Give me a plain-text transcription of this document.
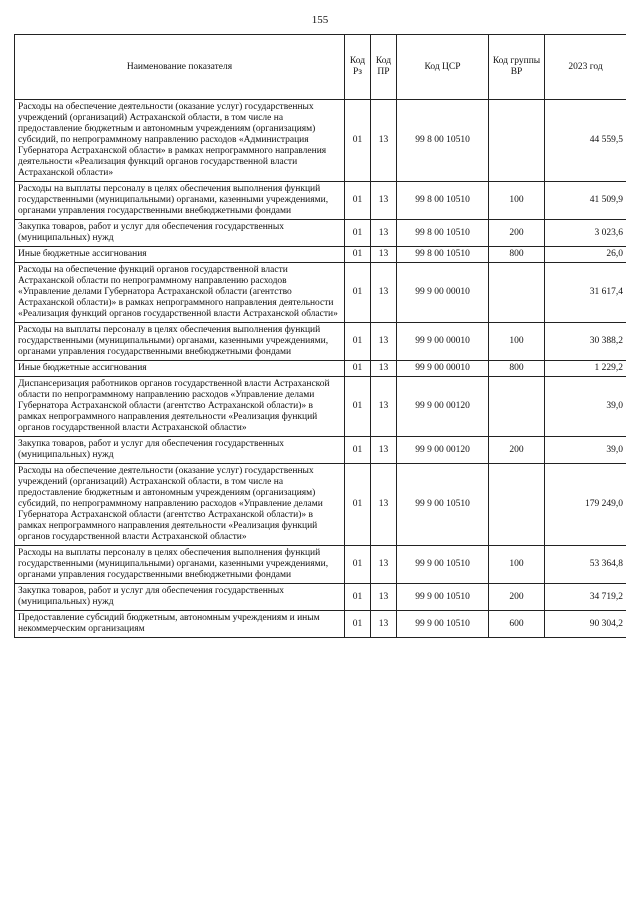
155
Наименование показателя	Код Рз	Код ПР	Код ЦСР	Код группы ВР	2023 год
Расходы на обеспечение деятельности (оказание услуг) государственных учреждений (организаций) Астраханской области, в том числе на предоставление бюджетным и автономным учреждениям (организациям) субсидий, по непрограммному направлению расходов «Администрация Губернатора Астраханской области» в рамках непрограммного направления деятельности «Реализация функций органов государственной власти Астраханской области»	01	13	99 8 00 10510		44 559,5
Расходы на выплаты персоналу в целях обеспечения выполнения функций государственными (муниципальными) органами, казенными учреждениями, органами управления государственными внебюджетными фондами	01	13	99 8 00 10510	100	41 509,9
Закупка товаров, работ и услуг для обеспечения государственных (муниципальных) нужд	01	13	99 8 00 10510	200	3 023,6
Иные бюджетные ассигнования	01	13	99 8 00 10510	800	26,0
Расходы на обеспечение функций органов государственной власти Астраханской области по непрограммному направлению расходов «Управление делами Губернатора Астраханской области (агентство Астраханской области)» в рамках непрограммного направления деятельности «Реализация функций органов государственной власти Астраханской области»	01	13	99 9 00 00010		31 617,4
Расходы на выплаты персоналу в целях обеспечения выполнения функций государственными (муниципальными) органами, казенными учреждениями, органами управления государственными внебюджетными фондами	01	13	99 9 00 00010	100	30 388,2
Иные бюджетные ассигнования	01	13	99 9 00 00010	800	1 229,2
Диспансеризация работников органов государственной власти Астраханской области по непрограммному направлению расходов «Управление делами Губернатора Астраханской области (агентство Астраханской области)» в рамках непрограммного направления деятельности «Реализация функций органов государственной власти Астраханской области»	01	13	99 9 00 00120		39,0
Закупка товаров, работ и услуг для обеспечения государственных (муниципальных) нужд	01	13	99 9 00 00120	200	39,0
Расходы на обеспечение деятельности (оказание услуг) государственных учреждений (организаций) Астраханской области, в том числе на предоставление бюджетным и автономным учреждениям (организациям) субсидий, по непрограммному направлению расходов «Управление делами Губернатора Астраханской области (агентство Астраханской области)» в рамках непрограммного направления деятельности «Реализация функций органов государственной власти Астраханской области»	01	13	99 9 00 10510		179 249,0
Расходы на выплаты персоналу в целях обеспечения выполнения функций государственными (муниципальными) органами, казенными учреждениями, органами управления государственными внебюджетными фондами	01	13	99 9 00 10510	100	53 364,8
Закупка товаров, работ и услуг для обеспечения государственных (муниципальных) нужд	01	13	99 9 00 10510	200	34 719,2
Предоставление субсидий бюджетным, автономным учреждениям и иным некоммерческим организациям	01	13	99 9 00 10510	600	90 304,2
